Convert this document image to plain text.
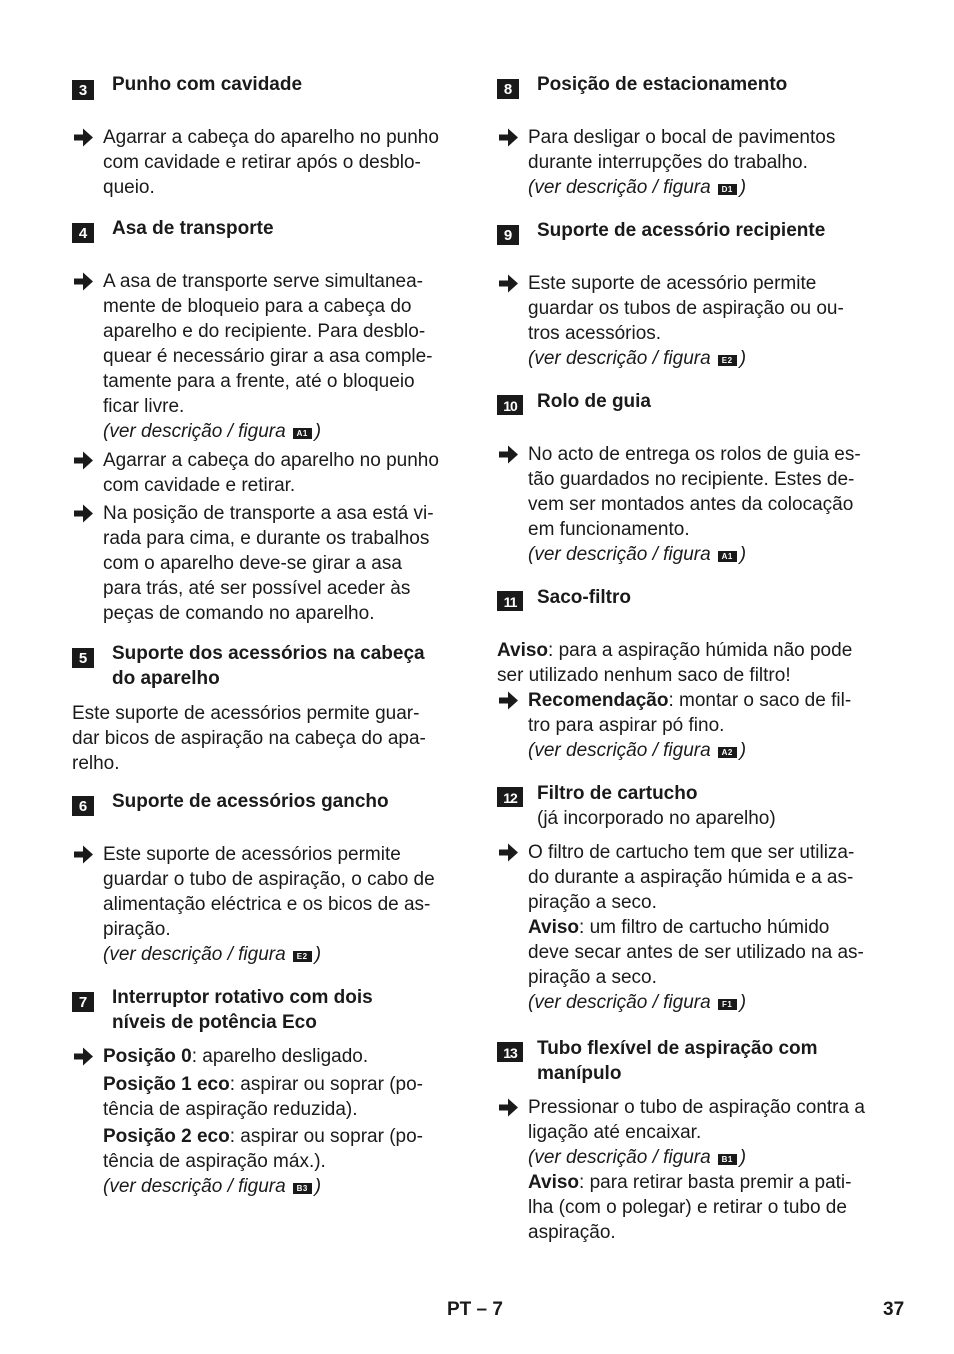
3	Punho com cavidade
Agarrar a cabeça do aparelho no punho
com cavidade e retirar após o desblo-
queio.
4	Asa de transporte
A asa de transporte serve simultanea-
mente de bloqueio para a cabeça do
aparelho e do recipiente. Para desblo-
quear é necessário girar a asa comple-
tamente para a frente, até o bloqueio
ficar livre.
(ver descrição / figura A1 )
Agarrar a cabeça do aparelho no punho
com cavidade e retirar.
Na posição de transporte a asa está vi-
rada para cima, e durante os trabalhos
com o aparelho deve-se girar a asa
para trás, até ser possível aceder às
peças de comando no aparelho.
5	Suporte dos acessórios na cabeça
do aparelho
Este suporte de acessórios permite guar-
dar bicos de aspiração na cabeça do apa-
relho.
6	Suporte de acessórios gancho
Este suporte de acessórios permite
guardar o tubo de aspiração, o cabo de
alimentação eléctrica e os bicos de as-
piração.
(ver descrição / figura E2 )
7	Interruptor rotativo com dois
níveis de potência Eco
Posição 0: aparelho desligado.
Posição 1 eco: aspirar ou soprar (po-
tência de aspiração reduzida).
Posição 2 eco: aspirar ou soprar (po-
tência de aspiração máx.).
(ver descrição / figura B3 )
8	Posição de estacionamento
Para desligar o bocal de pavimentos
durante interrupções do trabalho.
(ver descrição / figura D1 )
9	Suporte de acessório recipiente
Este suporte de acessório permite
guardar os tubos de aspiração ou ou-
tros acessórios.
(ver descrição / figura E2 )
10	Rolo de guia
No acto de entrega os rolos de guia es-
tão guardados no recipiente. Estes de-
vem ser montados antes da colocação
em funcionamento.
(ver descrição / figura A1 )
11	Saco-filtro
Aviso: para a aspiração húmida não pode
ser utilizado nenhum saco de filtro!
Recomendação: montar o saco de fil-
tro para aspirar pó fino.
(ver descrição / figura A2 )
12	Filtro de cartucho
(já incorporado no aparelho)
O filtro de cartucho tem que ser utiliza-
do durante a aspiração húmida e a as-
piração a seco.
Aviso: um filtro de cartucho húmido
deve secar antes de ser utilizado na as-
piração a seco.
(ver descrição / figura F1 )
13	Tubo flexível de aspiração com
manípulo
Pressionar o tubo de aspiração contra a
ligação até encaixar.
(ver descrição / figura B1 )
Aviso: para retirar basta premir a pati-
lha (com o polegar) e retirar o tubo de
aspiração.
PT – 7	37
